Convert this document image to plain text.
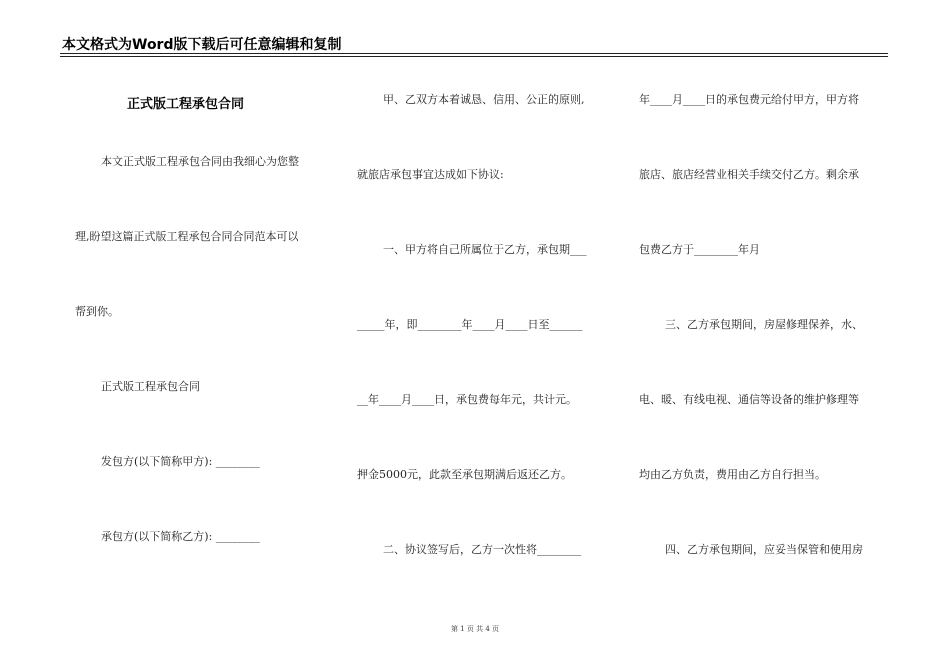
本文格式为Word版下载后可任意编辑和复制
正式版工程承包合同
本文正式版工程承包合同由我细心为您整
理,盼望这篇正式版工程承包合同合同范本可以
帮到你。
正式版工程承包合同
发包方(以下简称甲方): ________
承包方(以下简称乙方): ________
甲、乙双方本着诚恳、信用、公正的原则,
就旅店承包事宜达成如下协议:
一、甲方将自己所属位于乙方，承包期___
_____年，即________年____月____日至______
__年____月____日，承包费每年元，共计元。
押金5000元，此款至承包期满后返还乙方。
二、协议签写后，乙方一次性将________
年____月____日的承包费元给付甲方，甲方将
旅店、旅店经营业相关手续交付乙方。剩余承
包费乙方于________年月
三、乙方承包期间，房屋修理保养，水、
电、暖、有线电视、通信等设备的维护修理等
均由乙方负责，费用由乙方自行担当。
四、乙方承包期间，应妥当保管和使用房
第 1 页 共 4 页
